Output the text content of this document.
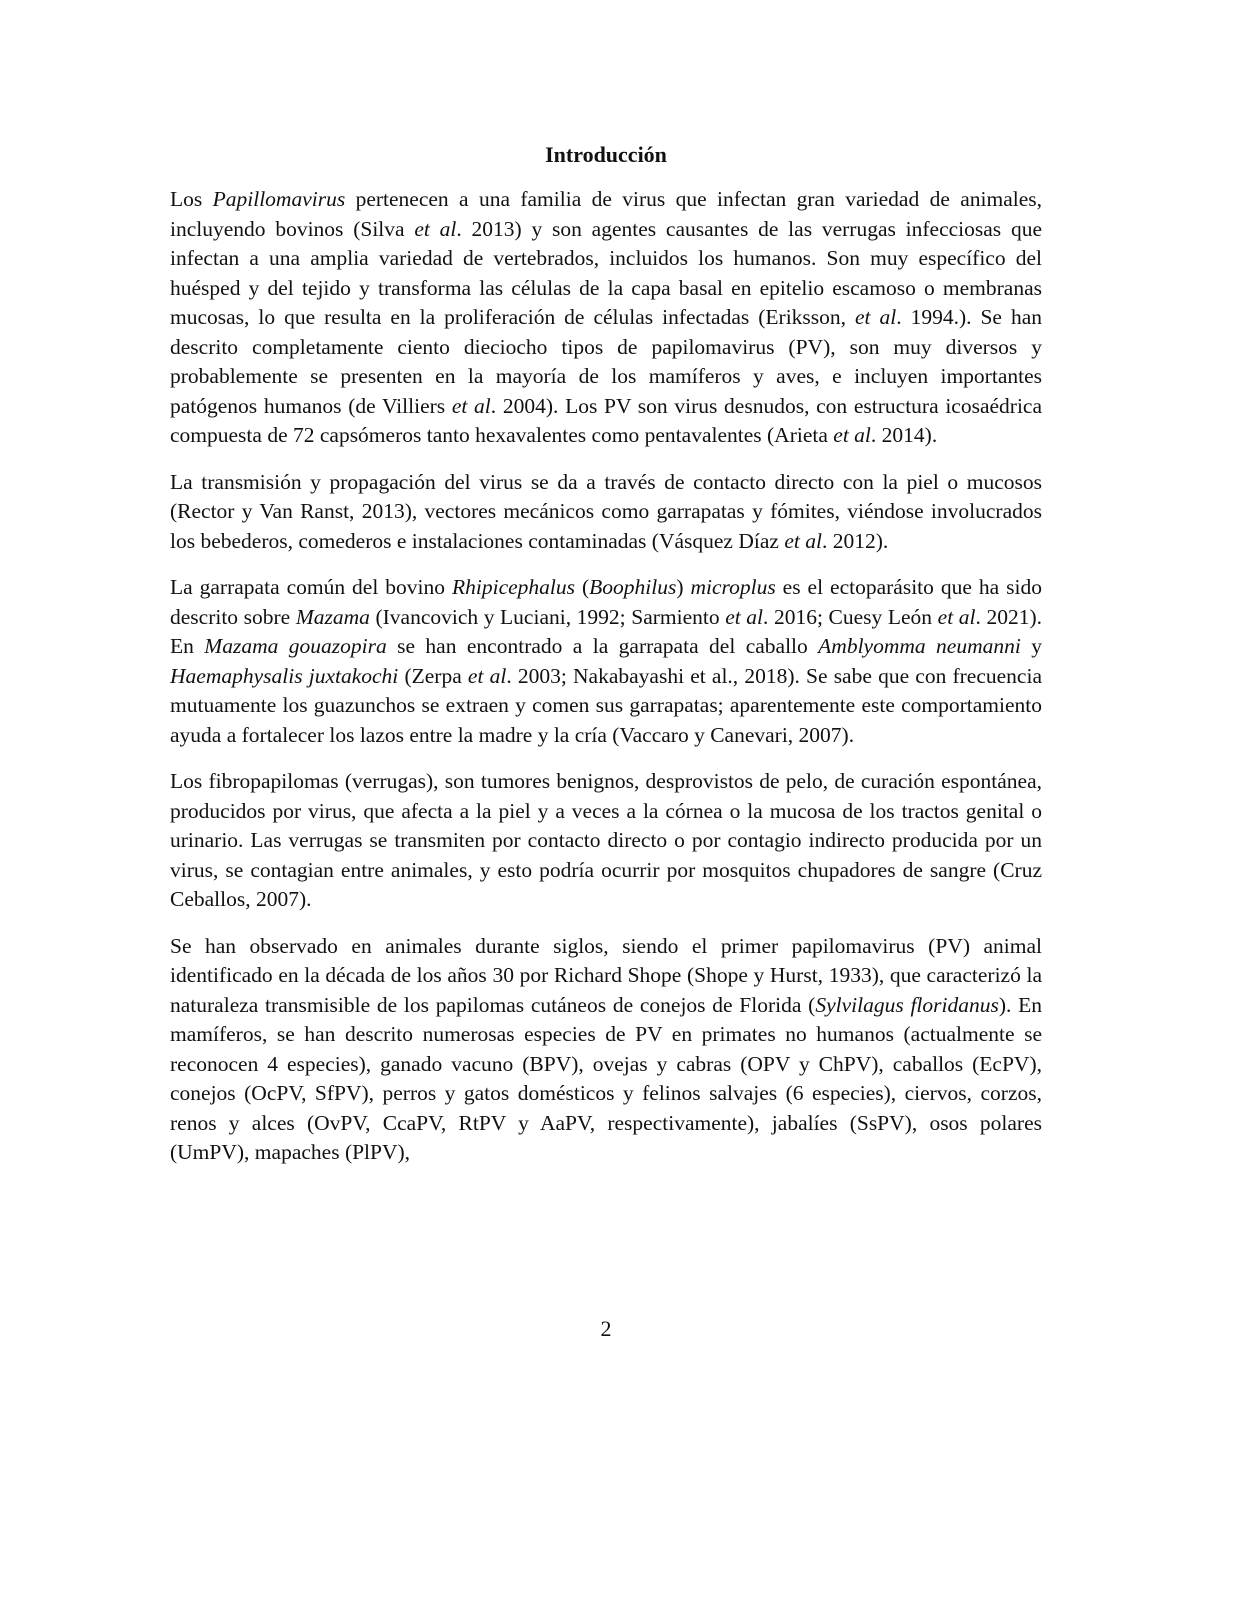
Introducción

Los Papillomavirus pertenecen a una familia de virus que infectan gran variedad de animales, incluyendo bovinos (Silva et al. 2013) y son agentes causantes de las verrugas infecciosas que infectan a una amplia variedad de vertebrados, incluidos los humanos. Son muy específico del huésped y del tejido y transforma las células de la capa basal en epitelio escamoso o membranas mucosas, lo que resulta en la proliferación de células infectadas (Eriksson, et al. 1994.). Se han descrito completamente ciento dieciocho tipos de papilomavirus (PV), son muy diversos y probablemente se presenten en la mayoría de los mamíferos y aves, e incluyen importantes patógenos humanos (de Villiers et al. 2004). Los PV son virus desnudos, con estructura icosaédrica compuesta de 72 capsómeros tanto hexavalentes como pentavalentes (Arieta et al. 2014).

La transmisión y propagación del virus se da a través de contacto directo con la piel o mucosos (Rector y Van Ranst, 2013), vectores mecánicos como garrapatas y fómites, viéndose involucrados los bebederos, comederos e instalaciones contaminadas (Vásquez Díaz et al. 2012).

La garrapata común del bovino Rhipicephalus (Boophilus) microplus es el ectoparásito que ha sido descrito sobre Mazama (Ivancovich y Luciani, 1992; Sarmiento et al. 2016; Cuesy León et al. 2021). En Mazama gouazopira se han encontrado a la garrapata del caballo Amblyomma neumanni y Haemaphysalis juxtakochi (Zerpa et al. 2003; Nakabayashi et al., 2018). Se sabe que con frecuencia mutuamente los guazunchos se extraen y comen sus garrapatas; aparentemente este comportamiento ayuda a fortalecer los lazos entre la madre y la cría (Vaccaro y Canevari, 2007).

Los fibropapilomas (verrugas), son tumores benignos, desprovistos de pelo, de curación espontánea, producidos por virus, que afecta a la piel y a veces a la córnea o la mucosa de los tractos genital o urinario. Las verrugas se transmiten por contacto directo o por contagio indirecto producida por un virus, se contagian entre animales, y esto podría ocurrir por mosquitos chupadores de sangre (Cruz Ceballos, 2007).

Se han observado en animales durante siglos, siendo el primer papilomavirus (PV) animal identificado en la década de los años 30 por Richard Shope (Shope y Hurst, 1933), que caracterizó la naturaleza transmisible de los papilomas cutáneos de conejos de Florida (Sylvilagus floridanus). En mamíferos, se han descrito numerosas especies de PV en primates no humanos (actualmente se reconocen 4 especies), ganado vacuno (BPV), ovejas y cabras (OPV y ChPV), caballos (EcPV), conejos (OcPV, SfPV), perros y gatos domésticos y felinos salvajes (6 especies), ciervos, corzos, renos y alces (OvPV, CcaPV, RtPV y AaPV, respectivamente), jabalíes (SsPV), osos polares (UmPV), mapaches (PlPV),

2
